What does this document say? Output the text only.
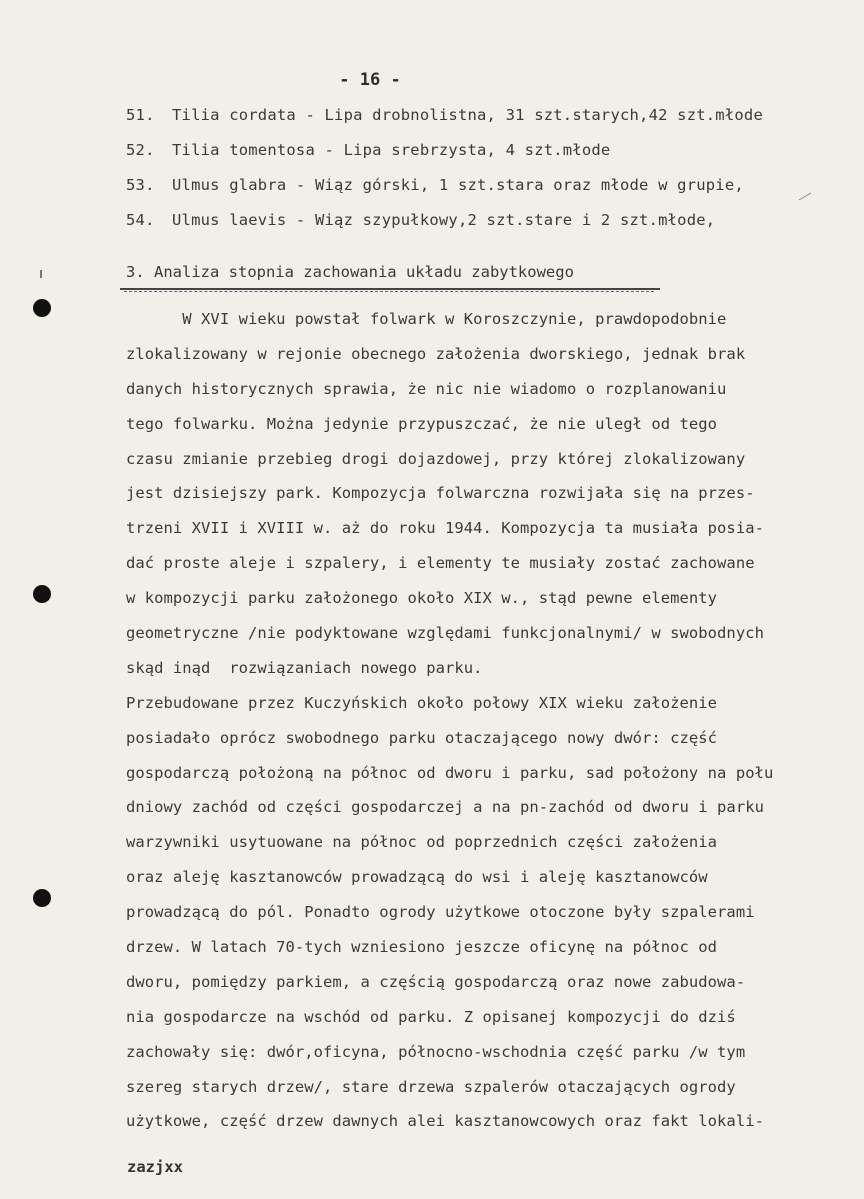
- 16 -
51. Tilia cordata - Lipa drobnolistna, 31 szt.starych,42 szt.młode
52. Tilia tomentosa - Lipa srebrzysta, 4 szt.młode
53. Ulmus glabra - Wiąz górski, 1 szt.stara oraz młode w grupie,
54. Ulmus laevis - Wiąz szypułkowy,2 szt.stare i 2 szt.młode,
3. Analiza stopnia zachowania układu zabytkowego
W XVI wieku powstał folwark w Koroszczynie, prawdopodobnie
zlokalizowany w rejonie obecnego założenia dworskiego, jednak brak
danych historycznych sprawia, że nic nie wiadomo o rozplanowaniu
tego folwarku. Można jedynie przypuszczać, że nie uległ od tego
czasu zmianie przebieg drogi dojazdowej, przy której zlokalizowany
jest dzisiejszy park. Kompozycja folwarczna rozwijała się na przes-
trzeni XVII i XVIII w. aż do roku 1944. Kompozycja ta musiała posia-
dać proste aleje i szpalery, i elementy te musiały zostać zachowane
w kompozycji parku założonego około XIX w., stąd pewne elementy
geometryczne /nie podyktowane względami funkcjonalnymi/ w swobodnych
skąd inąd  rozwiązaniach nowego parku.
Przebudowane przez Kuczyńskich około połowy XIX wieku założenie
posiadało oprócz swobodnego parku otaczającego nowy dwór: część
gospodarczą położoną na północ od dworu i parku, sad położony na połu
dniowy zachód od części gospodarczej a na pn-zachód od dworu i parku
warzywniki usytuowane na północ od poprzednich części założenia
oraz aleję kasztanowców prowadzącą do wsi i aleję kasztanowców
prowadzącą do pól. Ponadto ogrody użytkowe otoczone były szpalerami
drzew. W latach 70-tych wzniesiono jeszcze oficynę na północ od
dworu, pomiędzy parkiem, a częścią gospodarczą oraz nowe zabudowa-
nia gospodarcze na wschód od parku. Z opisanej kompozycji do dziś
zachowały się: dwór,oficyna, północno-wschodnia część parku /w tym
szereg starych drzew/, stare drzewa szpalerów otaczających ogrody
użytkowe, część drzew dawnych alei kasztanowcowych oraz fakt lokali-
zazjxx
